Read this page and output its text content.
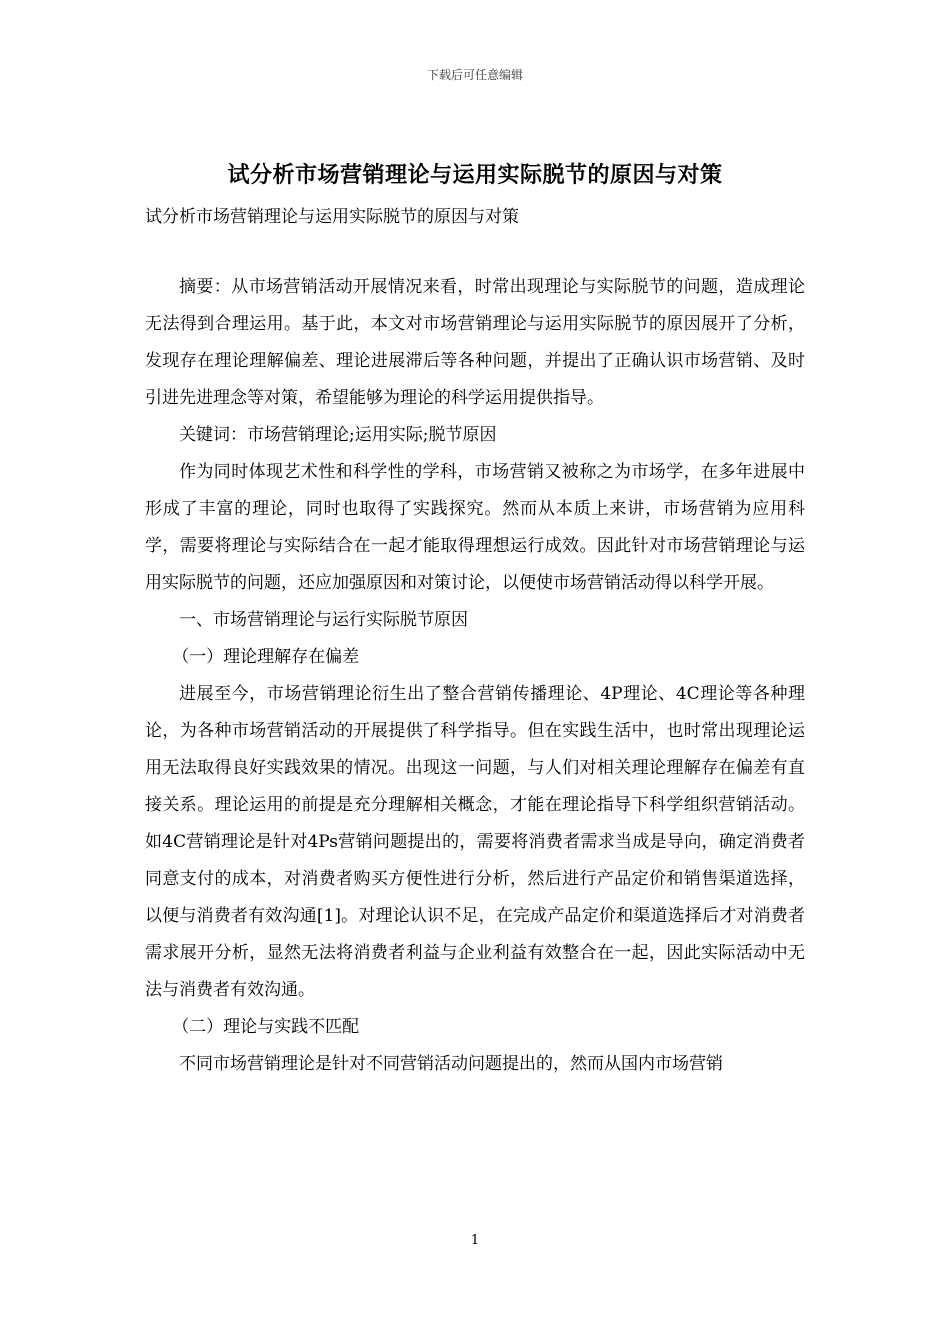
下载后可任意编辑
试分析市场营销理论与运用实际脱节的原因与对策
试分析市场营销理论与运用实际脱节的原因与对策

摘要：从市场营销活动开展情况来看，时常出现理论与实际脱节的问题，造成理论无法得到合理运用。基于此，本文对市场营销理论与运用实际脱节的原因展开了分析，发现存在理论理解偏差、理论进展滞后等各种问题，并提出了正确认识市场营销、及时引进先进理念等对策，希望能够为理论的科学运用提供指导。

关键词：市场营销理论;运用实际;脱节原因

作为同时体现艺术性和科学性的学科，市场营销又被称之为市场学，在多年进展中形成了丰富的理论，同时也取得了实践探究。然而从本质上来讲，市场营销为应用科学，需要将理论与实际结合在一起才能取得理想运行成效。因此针对市场营销理论与运用实际脱节的问题，还应加强原因和对策讨论，以便使市场营销活动得以科学开展。

一、市场营销理论与运行实际脱节原因

（一）理论理解存在偏差

进展至今，市场营销理论衍生出了整合营销传播理论、4P理论、4C理论等各种理论，为各种市场营销活动的开展提供了科学指导。但在实践生活中，也时常出现理论运用无法取得良好实践效果的情况。出现这一问题，与人们对相关理论理解存在偏差有直接关系。理论运用的前提是充分理解相关概念，才能在理论指导下科学组织营销活动。如4C营销理论是针对4Ps营销问题提出的，需要将消费者需求当成是导向，确定消费者同意支付的成本，对消费者购买方便性进行分析，然后进行产品定价和销售渠道选择，以便与消费者有效沟通[1]。对理论认识不足，在完成产品定价和渠道选择后才对消费者需求展开分析，显然无法将消费者利益与企业利益有效整合在一起，因此实际活动中无法与消费者有效沟通。

（二）理论与实践不匹配

不同市场营销理论是针对不同营销活动问题提出的，然而从国内市场营销

1
